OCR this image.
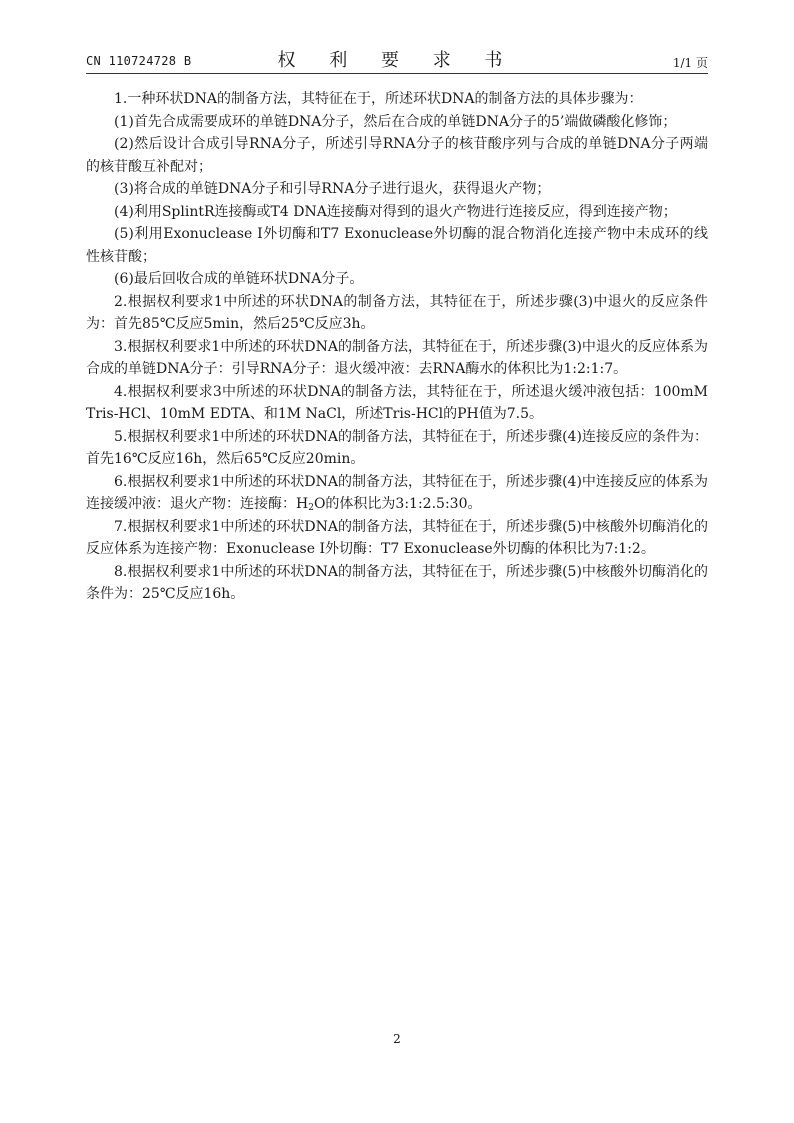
CN 110724728 B	权 利 要 求 书	1/1 页

1.一种环状DNA的制备方法，其特征在于，所述环状DNA的制备方法的具体步骤为：

(1)首先合成需要成环的单链DNA分子，然后在合成的单链DNA分子的5’端做磷酸化修饰；

(2)然后设计合成引导RNA分子，所述引导RNA分子的核苷酸序列与合成的单链DNA分子两端的核苷酸互补配对；

(3)将合成的单链DNA分子和引导RNA分子进行退火，获得退火产物；

(4)利用SplintR连接酶或T4 DNA连接酶对得到的退火产物进行连接反应，得到连接产物；

(5)利用Exonuclease I外切酶和T7 Exonuclease外切酶的混合物消化连接产物中未成环的线性核苷酸；

(6)最后回收合成的单链环状DNA分子。

2.根据权利要求1中所述的环状DNA的制备方法，其特征在于，所述步骤(3)中退火的反应条件为：首先85℃反应5min，然后25℃反应3h。

3.根据权利要求1中所述的环状DNA的制备方法，其特征在于，所述步骤(3)中退火的反应体系为合成的单链DNA分子：引导RNA分子：退火缓冲液：去RNA酶水的体积比为1:2:1:7。

4.根据权利要求3中所述的环状DNA的制备方法，其特征在于，所述退火缓冲液包括：100mM Tris-HCl、10mM EDTA、和1M NaCl，所述Tris-HCl的PH值为7.5。

5.根据权利要求1中所述的环状DNA的制备方法，其特征在于，所述步骤(4)连接反应的条件为：首先16℃反应16h，然后65℃反应20min。

6.根据权利要求1中所述的环状DNA的制备方法，其特征在于，所述步骤(4)中连接反应的体系为连接缓冲液：退火产物：连接酶：$H_2O$的体积比为3:1:2.5:30。

7.根据权利要求1中所述的环状DNA的制备方法，其特征在于，所述步骤(5)中核酸外切酶消化的反应体系为连接产物：Exonuclease I外切酶：T7 Exonuclease外切酶的体积比为7:1:2。

8.根据权利要求1中所述的环状DNA的制备方法，其特征在于，所述步骤(5)中核酸外切酶消化的条件为：25℃反应16h。

2
